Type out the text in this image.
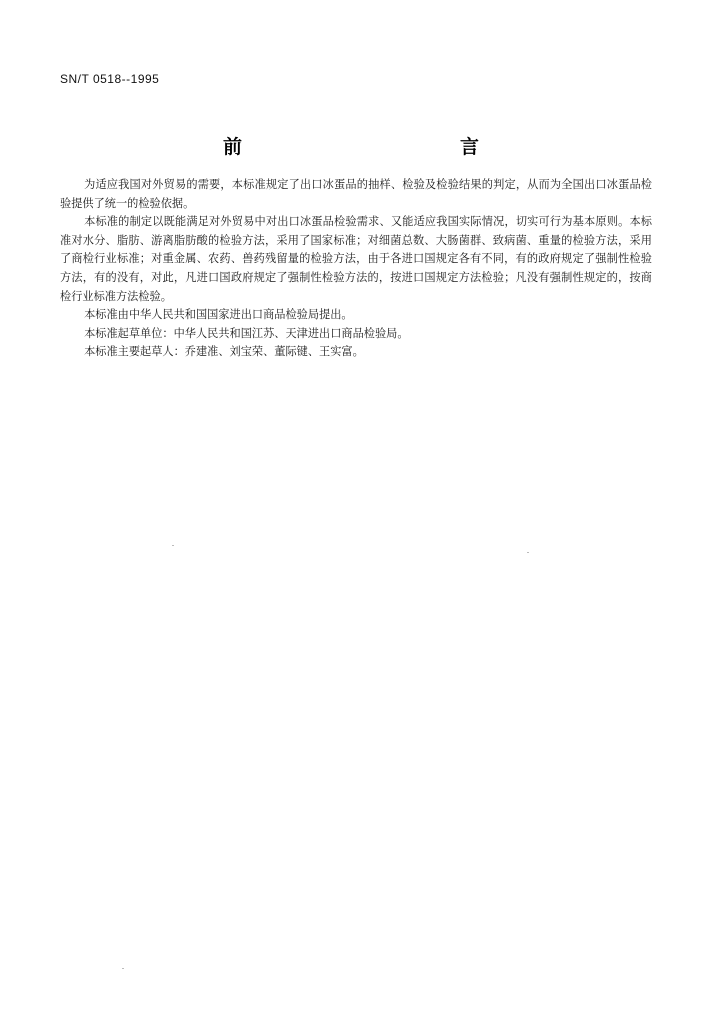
SN/T 0518--1995
前　　言

为适应我国对外贸易的需要，本标准规定了出口冰蛋品的抽样、检验及检验结果的判定，从而为全国出口冰蛋品检验提供了统一的检验依据。

本标准的制定以既能满足对外贸易中对出口冰蛋品检验需求、又能适应我国实际情况，切实可行为基本原则。本标准对水分、脂肪、游离脂肪酸的检验方法，采用了国家标准；对细菌总数、大肠菌群、致病菌、重量的检验方法，采用了商检行业标准；对重金属、农药、兽药残留量的检验方法，由于各进口国规定各有不同，有的政府规定了强制性检验方法，有的没有，对此，凡进口国政府规定了强制性检验方法的，按进口国规定方法检验；凡没有强制性规定的，按商检行业标准方法检验。

本标准由中华人民共和国国家进出口商品检验局提出。

本标准起草单位：中华人民共和国江苏、天津进出口商品检验局。

本标准主要起草人：乔建准、刘宝荣、董际键、王实富。
